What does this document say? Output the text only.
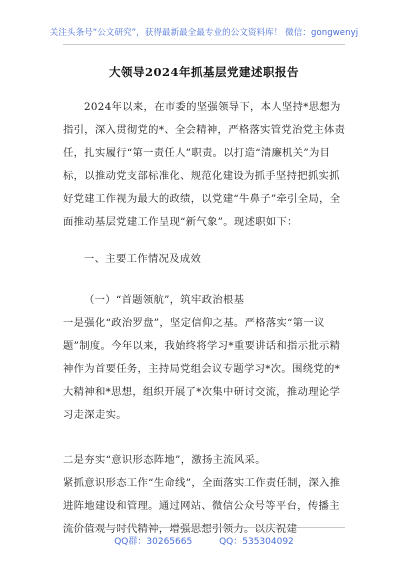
关注头条号“公文研究”，获得最新最全最专业的公文资料库！ 微信：gongwenyj
大领导2024年抓基层党建述职报告

2024年以来，在市委的坚强领导下，本人坚持*思想为指引，深入贯彻党的*、全会精神，严格落实管党治党主体责任，扎实履行“第一责任人”职责。以打造“清廉机关”为目标，以推动党支部标准化、规范化建设为抓手坚持把抓实抓好党建工作视为最大的政绩，以党建“牛鼻子”牵引全局，全面推动基层党建工作呈现“新气象”。现述职如下：

一、主要工作情况及成效

（一）“首题领航”，筑牢政治根基

一是强化“政治罗盘”，坚定信仰之基。严格落实“第一议题”制度。今年以来，我始终将学习*重要讲话和指示批示精神作为首要任务，主持局党组会议专题学习*次。围绕党的*大精神和*思想，组织开展了*次集中研讨交流，推动理论学习走深走实。

二是夯实“意识形态阵地”，激扬主流风采。

紧抓意识形态工作“生命线”，全面落实工作责任制，深入推进阵地建设和管理。通过网站、微信公众号等平台，传播主流价值观与时代精神，增强思想引领力。以庆祝建

QQ群：30265665	QQ：535304092
